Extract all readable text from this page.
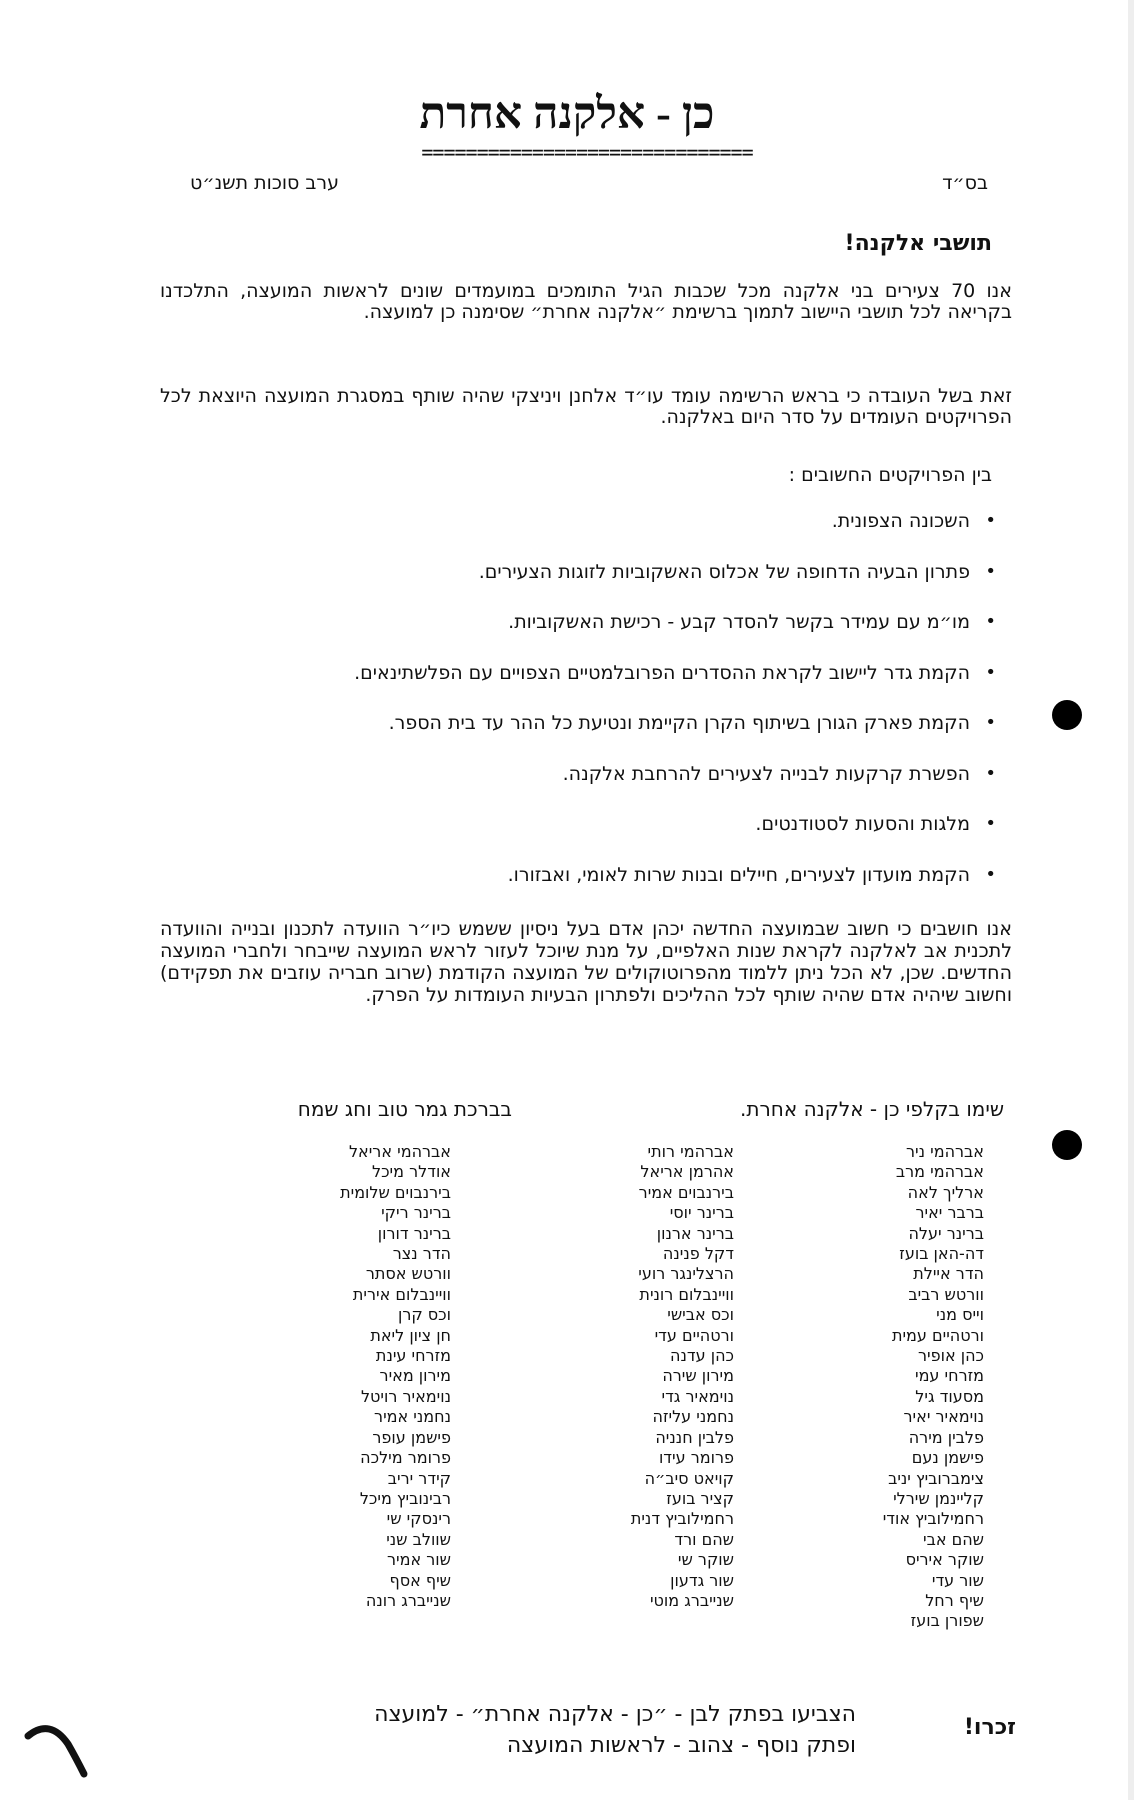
כן - אלקנה אחרת
==============================
בס״ד
ערב סוכות תשנ״ט
תושבי אלקנה!
אנו 70 צעירים בני אלקנה מכל שכבות הגיל התומכים במועמדים שונים לראשות המועצה, התלכדנו בקריאה לכל תושבי היישוב לתמוך ברשימת ״אלקנה אחרת״ שסימנה כן למועצה.
זאת בשל העובדה כי בראש הרשימה עומד עו״ד אלחנן ויניצקי שהיה שותף במסגרת המועצה היוצאת לכל הפרויקטים העומדים על סדר היום באלקנה.
בין הפרויקטים החשובים :
•
השכונה הצפונית.
•
פתרון הבעיה הדחופה של אכלוס האשקוביות לזוגות הצעירים.
•
מו״מ עם עמידר בקשר להסדר קבע - רכישת האשקוביות.
•
הקמת גדר ליישוב לקראת ההסדרים הפרובלמטיים הצפויים עם הפלשתינאים.
•
הקמת פארק הגורן בשיתוף הקרן הקיימת ונטיעת כל ההר עד בית הספר.
•
הפשרת קרקעות לבנייה לצעירים להרחבת אלקנה.
•
מלגות והסעות לסטודנטים.
•
הקמת מועדון לצעירים, חיילים ובנות שרות לאומי, ואבזורו.
אנו חושבים כי חשוב שבמועצה החדשה יכהן אדם בעל ניסיון ששמש כיו״ר הוועדה לתכנון ובנייה והוועדה לתכנית אב לאלקנה לקראת שנות האלפיים, על מנת שיוכל לעזור לראש המועצה שייבחר ולחברי המועצה החדשים. שכן, לא הכל ניתן ללמוד מהפרוטוקולים של המועצה הקודמת (שרוב חבריה עוזבים את תפקידם) וחשוב שיהיה אדם שהיה שותף לכל ההליכים ולפתרון הבעיות העומדות על הפרק.
שימו בקלפי כן - אלקנה אחרת.
בברכת גמר טוב וחג שמח
אברהמי ניר
אברהמי מרב
ארליך לאה
ברבר יאיר
ברינר יעלה
דה-האן בועז
הדר איילת
וורטש רביב
וייס מני
ורטהיים עמית
כהן אופיר
מזרחי עמי
מסעוד גיל
נוימאיר יאיר
פלבין מירה
פישמן נעם
צימברוביץ יניב
קליינמן שירלי
רחמילוביץ אודי
שהם אבי
שוקר איריס
שור עדי
שיף רחל
שפורן בועז
אברהמי רותי
אהרמן אריאל
בירנבוים אמיר
ברינר יוסי
ברינר ארנון
דקל פנינה
הרצלינגר רועי
וויינבלום רונית
וכס אבישי
ורטהיים עדי
כהן עדנה
מירון שירה
נוימאיר גדי
נחמני עליזה
פלבין חנניה
פרומר עידו
קויאט סיב״ה
קציר בועז
רחמילוביץ דנית
שהם ורד
שוקר שי
שור גדעון
שנייברג מוטי
אברהמי אריאל
אודלר מיכל
בירנבוים שלומית
ברינר ריקי
ברינר דורון
הדר נצר
וורטש אסתר
וויינבלום אירית
וכס קרן
חן ציון ליאת
מזרחי עינת
מירון מאיר
נוימאיר רויטל
נחמני אמיר
פישמן עופר
פרומר מילכה
קידר יריב
רבינוביץ מיכל
רינסקי שי
שוולב שני
שור אמיר
שיף אסף
שנייברג רונה
זכרו!
הצביעו בפתק לבן - ״כן - אלקנה אחרת״ - למועצה
ופתק נוסף - צהוב - לראשות המועצה
